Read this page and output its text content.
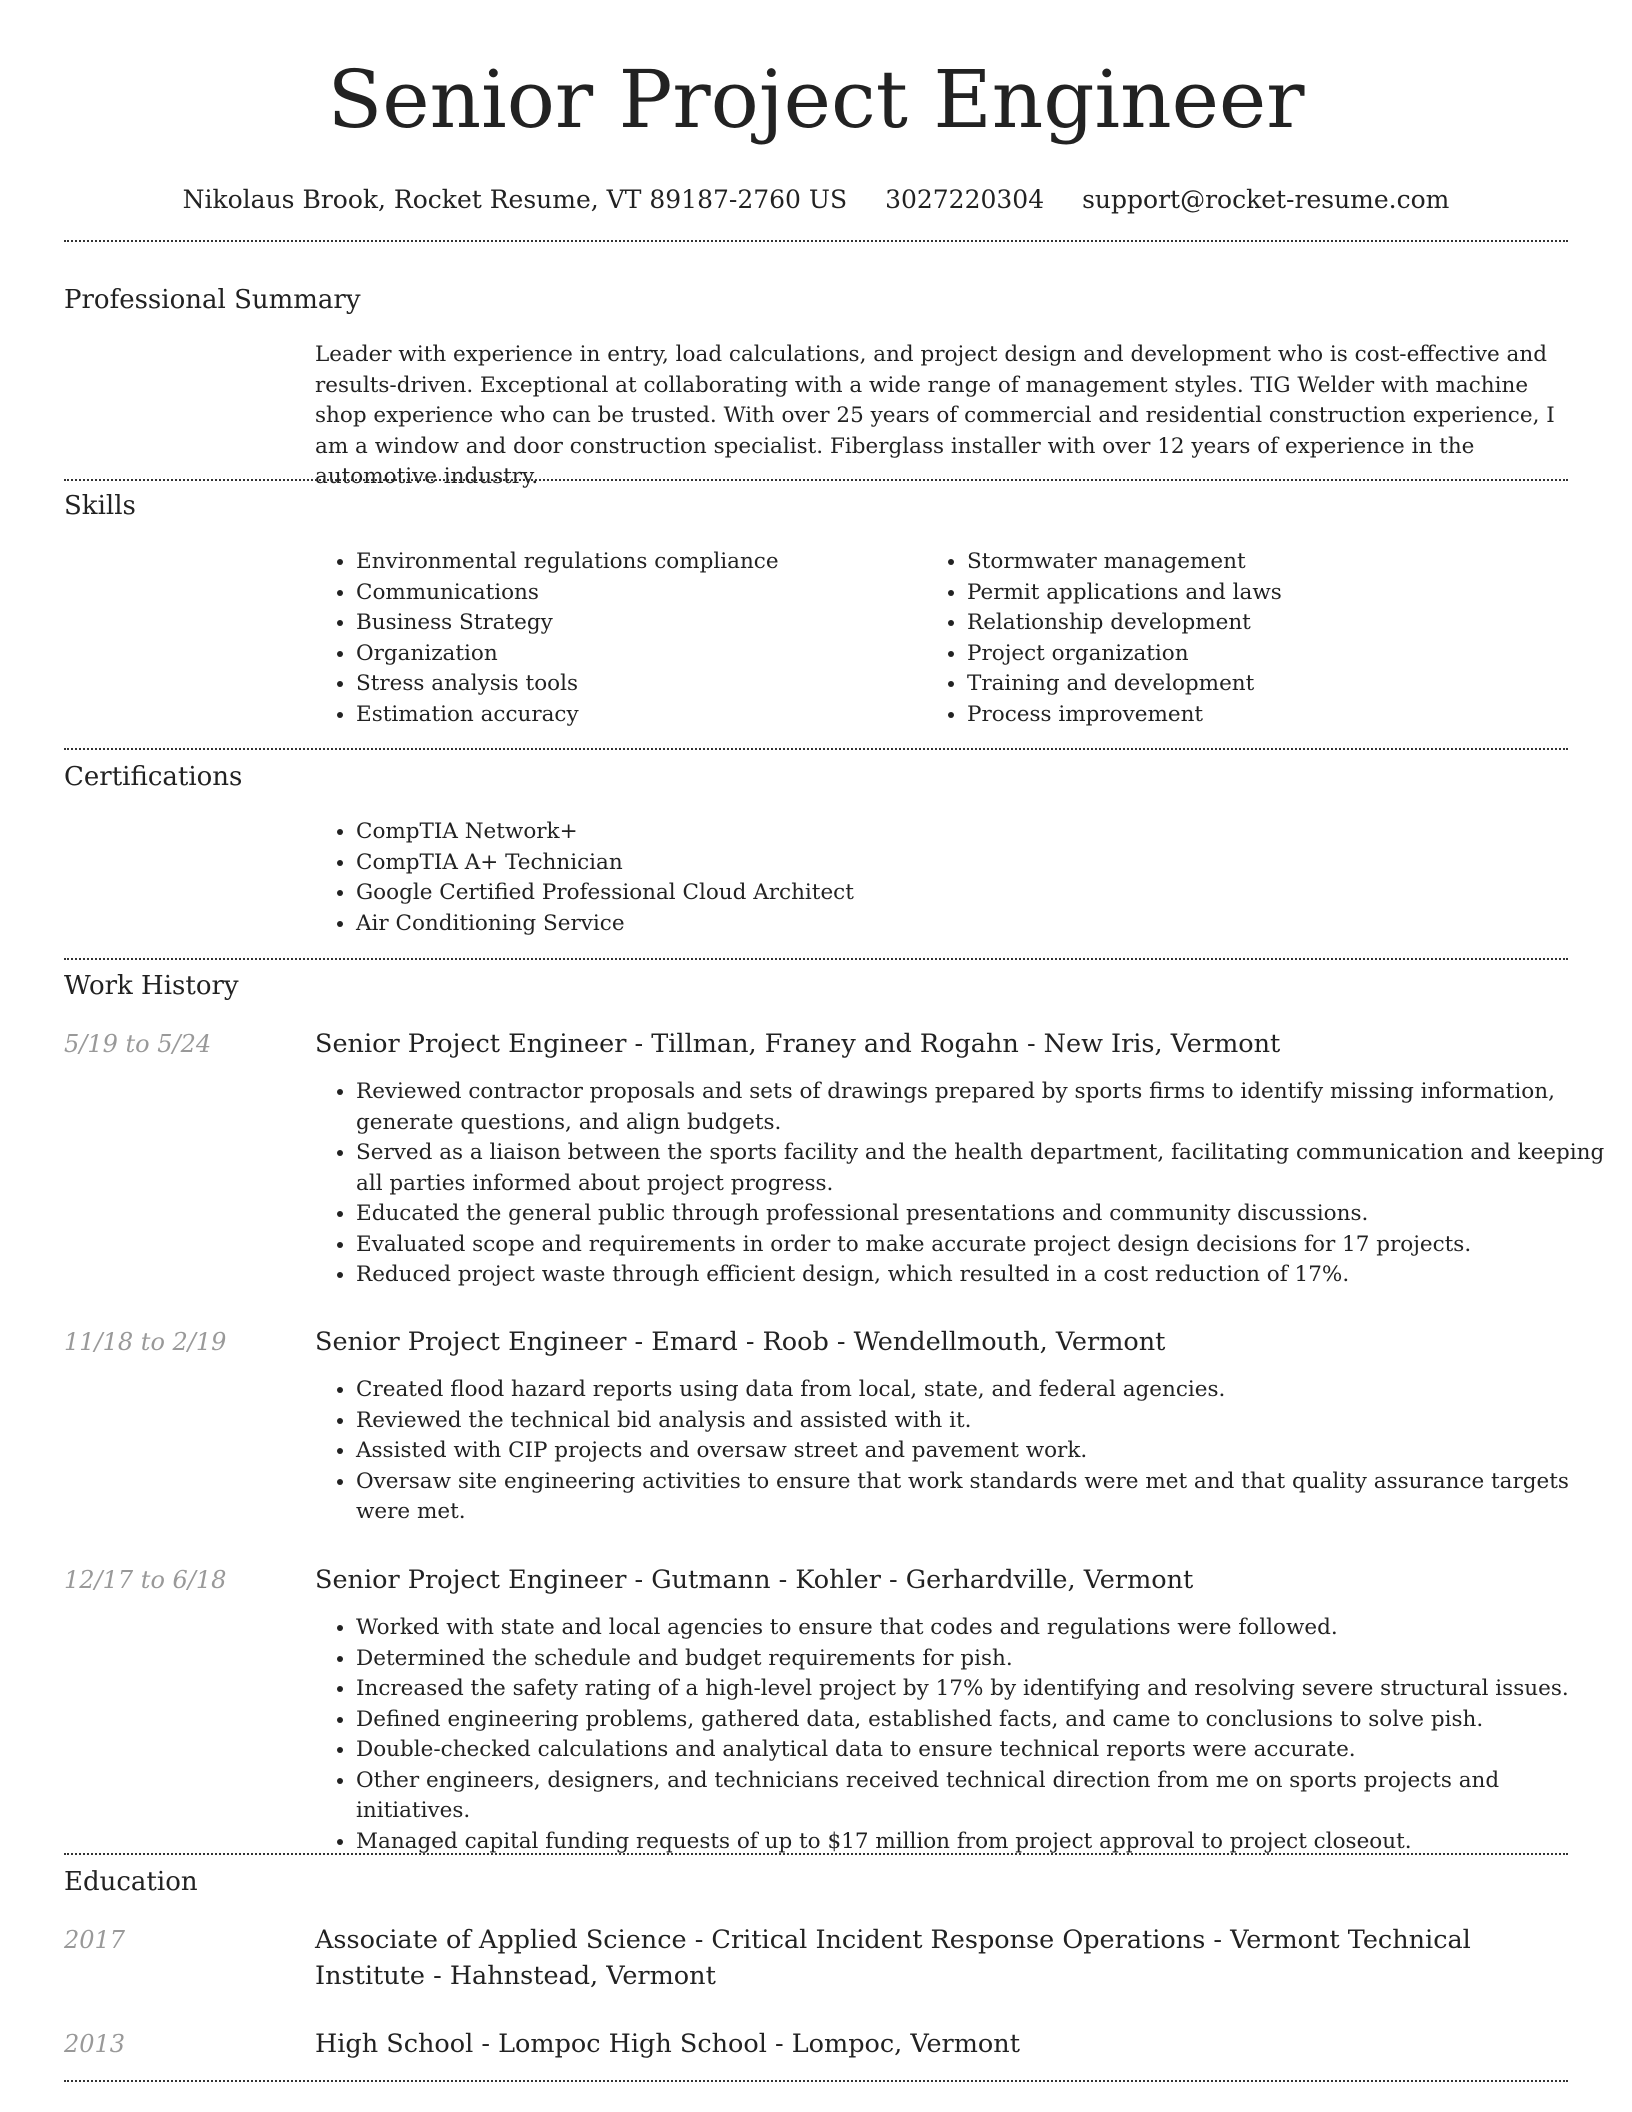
Senior Project Engineer
Nikolaus Brook, Rocket Resume, VT 89187-2760 US 3027220304 support@rocket-resume.com
Professional Summary
Leader with experience in entry, load calculations, and project design and development who is cost-effective and results-driven. Exceptional at collaborating with a wide range of management styles. TIG Welder with machine shop experience who can be trusted. With over 25 years of commercial and residential construction experience, I am a window and door construction specialist. Fiberglass installer with over 12 years of experience in the automotive industry.
Skills
• Environmental regulations compliance
• Communications
• Business Strategy
• Organization
• Stress analysis tools
• Estimation accuracy
• Stormwater management
• Permit applications and laws
• Relationship development
• Project organization
• Training and development
• Process improvement
Certifications
• CompTIA Network+
• CompTIA A+ Technician
• Google Certified Professional Cloud Architect
• Air Conditioning Service
Work History
5/19 to 5/24	Senior Project Engineer - Tillman, Franey and Rogahn - New Iris, Vermont
• Reviewed contractor proposals and sets of drawings prepared by sports firms to identify missing information, generate questions, and align budgets.
• Served as a liaison between the sports facility and the health department, facilitating communication and keeping all parties informed about project progress.
• Educated the general public through professional presentations and community discussions.
• Evaluated scope and requirements in order to make accurate project design decisions for 17 projects.
• Reduced project waste through efficient design, which resulted in a cost reduction of 17%.
11/18 to 2/19	Senior Project Engineer - Emard - Roob - Wendellmouth, Vermont
• Created flood hazard reports using data from local, state, and federal agencies.
• Reviewed the technical bid analysis and assisted with it.
• Assisted with CIP projects and oversaw street and pavement work.
• Oversaw site engineering activities to ensure that work standards were met and that quality assurance targets were met.
12/17 to 6/18	Senior Project Engineer - Gutmann - Kohler - Gerhardville, Vermont
• Worked with state and local agencies to ensure that codes and regulations were followed.
• Determined the schedule and budget requirements for pish.
• Increased the safety rating of a high-level project by 17% by identifying and resolving severe structural issues.
• Defined engineering problems, gathered data, established facts, and came to conclusions to solve pish.
• Double-checked calculations and analytical data to ensure technical reports were accurate.
• Other engineers, designers, and technicians received technical direction from me on sports projects and initiatives.
• Managed capital funding requests of up to $17 million from project approval to project closeout.
Education
2017	Associate of Applied Science - Critical Incident Response Operations - Vermont Technical Institute - Hahnstead, Vermont
2013	High School - Lompoc High School - Lompoc, Vermont
